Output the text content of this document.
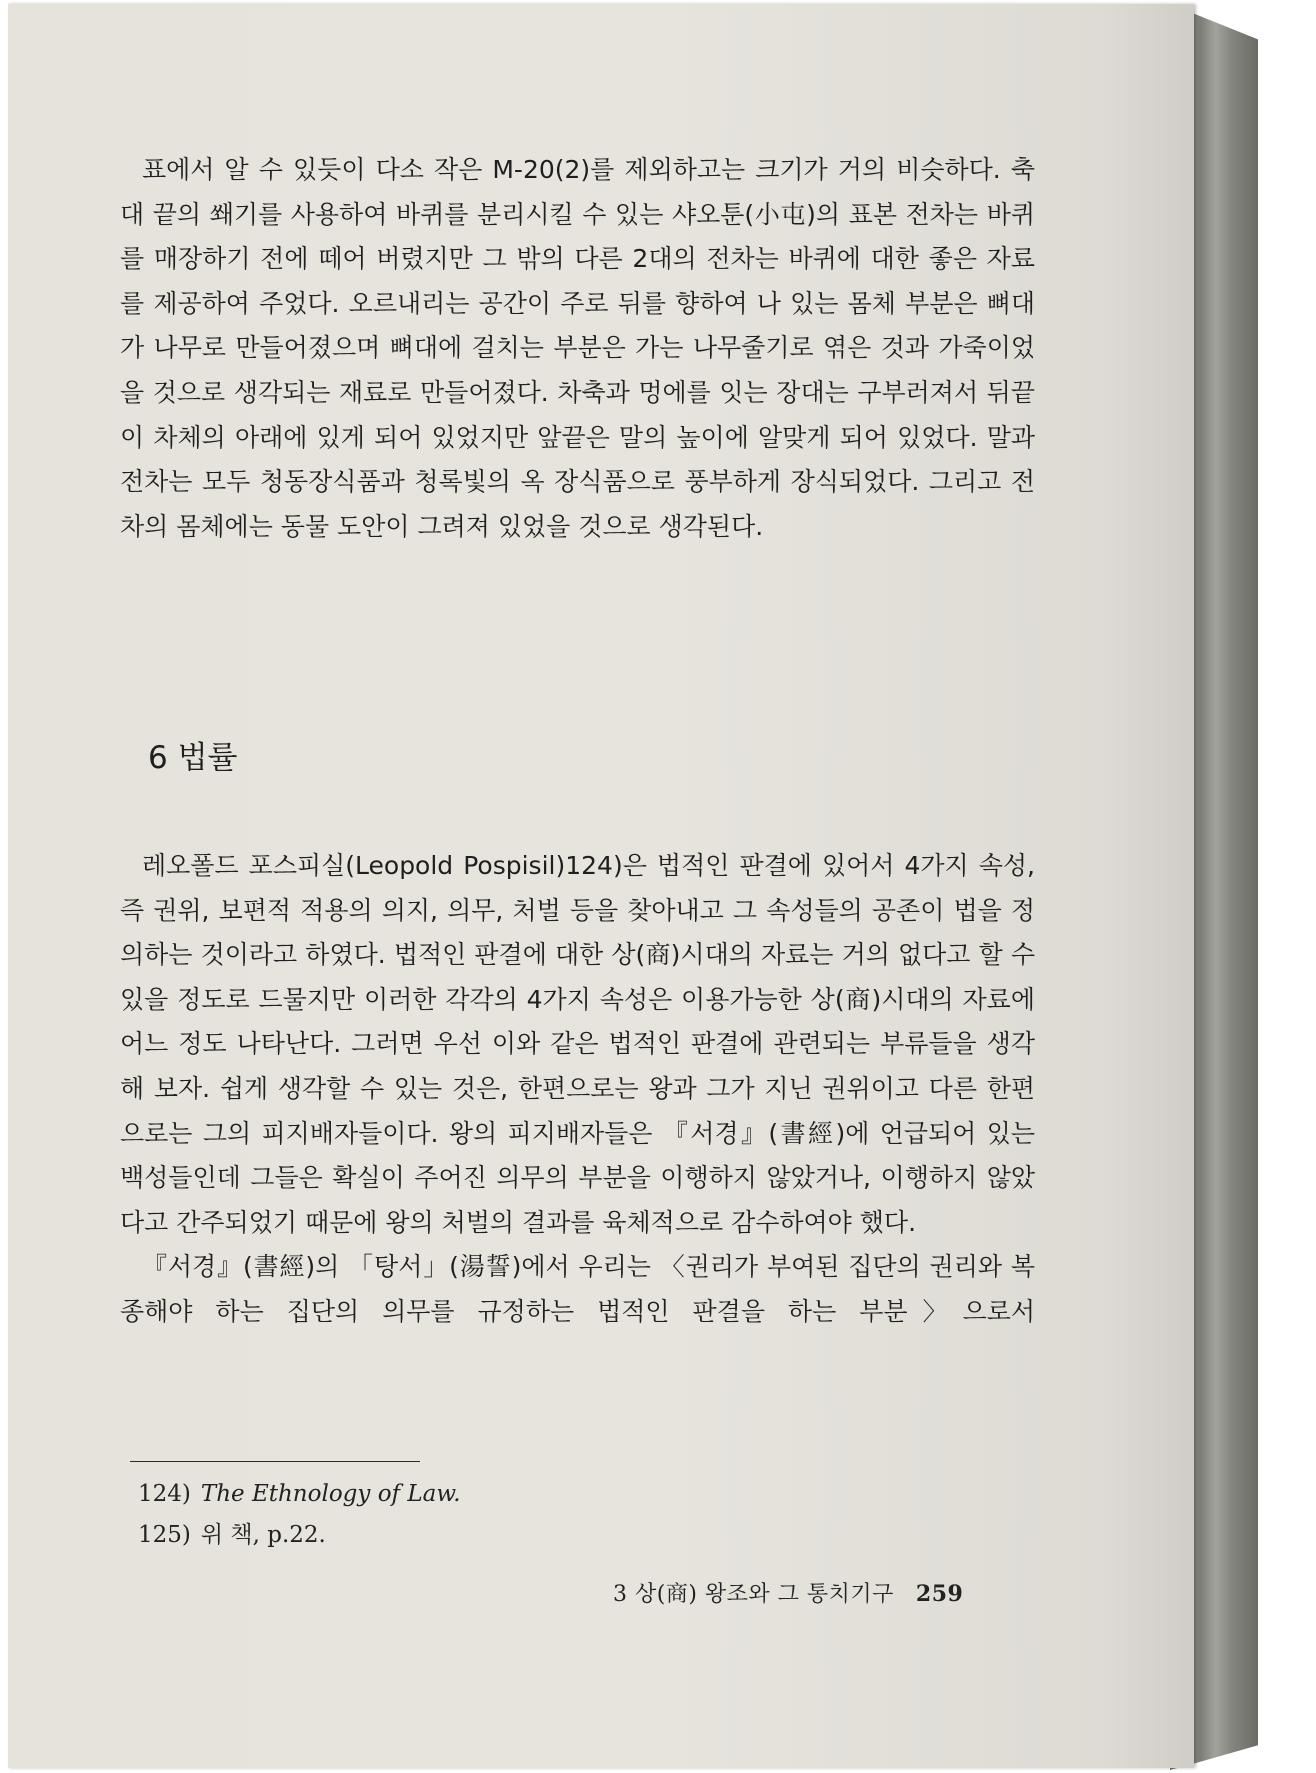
표에서 알 수 있듯이 다소 작은 M-20(2)를 제외하고는 크기가 거의 비슷하다. 축대 끝의 쐐기를 사용하여 바퀴를 분리시킬 수 있는 샤오툰(小屯)의 표본 전차는 바퀴를 매장하기 전에 떼어 버렸지만 그 밖의 다른 2대의 전차는 바퀴에 대한 좋은 자료를 제공하여 주었다. 오르내리는 공간이 주로 뒤를 향하여 나 있는 몸체 부분은 뼈대가 나무로 만들어졌으며 뼈대에 걸치는 부분은 가는 나무줄기로 엮은 것과 가죽이었을 것으로 생각되는 재료로 만들어졌다. 차축과 멍에를 잇는 장대는 구부러져서 뒤끝이 차체의 아래에 있게 되어 있었지만 앞끝은 말의 높이에 알맞게 되어 있었다. 말과 전차는 모두 청동장식품과 청록빛의 옥 장식품으로 풍부하게 장식되었다. 그리고 전차의 몸체에는 동물 도안이 그려져 있었을 것으로 생각된다.

6 법률

레오폴드 포스피실(Leopold Pospisil)124)은 법적인 판결에 있어서 4가지 속성, 즉 권위, 보편적 적용의 의지, 의무, 처벌 등을 찾아내고 그 속성들의 공존이 법을 정의하는 것이라고 하였다. 법적인 판결에 대한 상(商)시대의 자료는 거의 없다고 할 수 있을 정도로 드물지만 이러한 각각의 4가지 속성은 이용가능한 상(商)시대의 자료에 어느 정도 나타난다. 그러면 우선 이와 같은 법적인 판결에 관련되는 부류들을 생각해 보자. 쉽게 생각할 수 있는 것은, 한편으로는 왕과 그가 지닌 권위이고 다른 한편으로는 그의 피지배자들이다. 왕의 피지배자들은 『서경』(書經)에 언급되어 있는 백성들인데 그들은 확실이 주어진 의무의 부분을 이행하지 않았거나, 이행하지 않았다고 간주되었기 때문에 왕의 처벌의 결과를 육체적으로 감수하여야 했다.

『서경』(書經)의 「탕서」(湯誓)에서 우리는 〈권리가 부여된 집단의 권리와 복종해야 하는 집단의 의무를 규정하는 법적인 판결을 하는 부분〉으로서

124) The Ethnology of Law.

125) 위 책, p.22.

3 상(商) 왕조와 그 통치기구 259
